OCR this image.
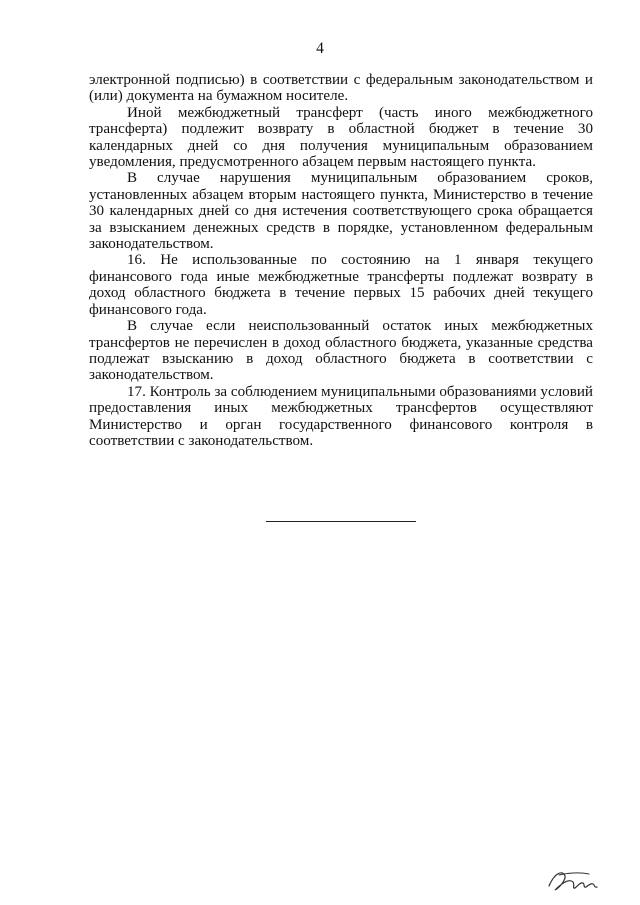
4

электронной подписью) в соответствии с федеральным законодательством и (или) документа на бумажном носителе.

Иной межбюджетный трансферт (часть иного межбюджетного трансферта) подлежит возврату в областной бюджет в течение 30 календарных дней со дня получения муниципальным образованием уведомления, предусмотренного абзацем первым настоящего пункта.

В случае нарушения муниципальным образованием сроков, установленных абзацем вторым настоящего пункта, Министерство в течение 30 календарных дней со дня истечения соответствующего срока обращается за взысканием денежных средств в порядке, установленном федеральным законодательством.

16. Не использованные по состоянию на 1 января текущего финансового года иные межбюджетные трансферты подлежат возврату в доход областного бюджета в течение первых 15 рабочих дней текущего финансового года.

В случае если неиспользованный остаток иных межбюджетных трансфертов не перечислен в доход областного бюджета, указанные средства подлежат взысканию в доход областного бюджета в соответствии с законодательством.

17. Контроль за соблюдением муниципальными образованиями условий предоставления иных межбюджетных трансфертов осуществляют Министерство и орган государственного финансового контроля в соответствии с законодательством.
